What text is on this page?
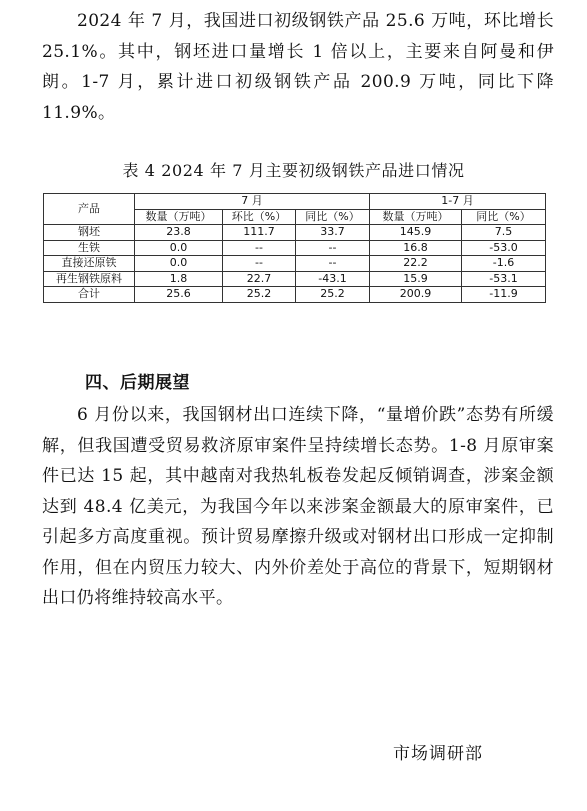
2024 年 7 月，我国进口初级钢铁产品 25.6 万吨，环比增长 25.1%。其中，钢坯进口量增长 1 倍以上，主要来自阿曼和伊朗。1-7 月，累计进口初级钢铁产品 200.9 万吨，同比下降 11.9%。

表 4 2024 年 7 月主要初级钢铁产品进口情况
产品	7 月			1-7 月	
	数量（万吨）	环比（%）	同比（%）	数量（万吨）	同比（%）
钢坯	23.8	111.7	33.7	145.9	7.5
生铁	0.0	--	--	16.8	-53.0
直接还原铁	0.0	--	--	22.2	-1.6
再生钢铁原料	1.8	22.7	-43.1	15.9	-53.1
合计	25.6	25.2	25.2	200.9	-11.9
四、后期展望

6 月份以来，我国钢材出口连续下降，“量增价跌”态势有所缓解，但我国遭受贸易救济原审案件呈持续增长态势。1-8 月原审案件已达 15 起，其中越南对我热轧板卷发起反倾销调查，涉案金额达到 48.4 亿美元，为我国今年以来涉案金额最大的原审案件，已引起多方高度重视。预计贸易摩擦升级或对钢材出口形成一定抑制作用，但在内贸压力较大、内外价差处于高位的背景下，短期钢材出口仍将维持较高水平。

市场调研部
